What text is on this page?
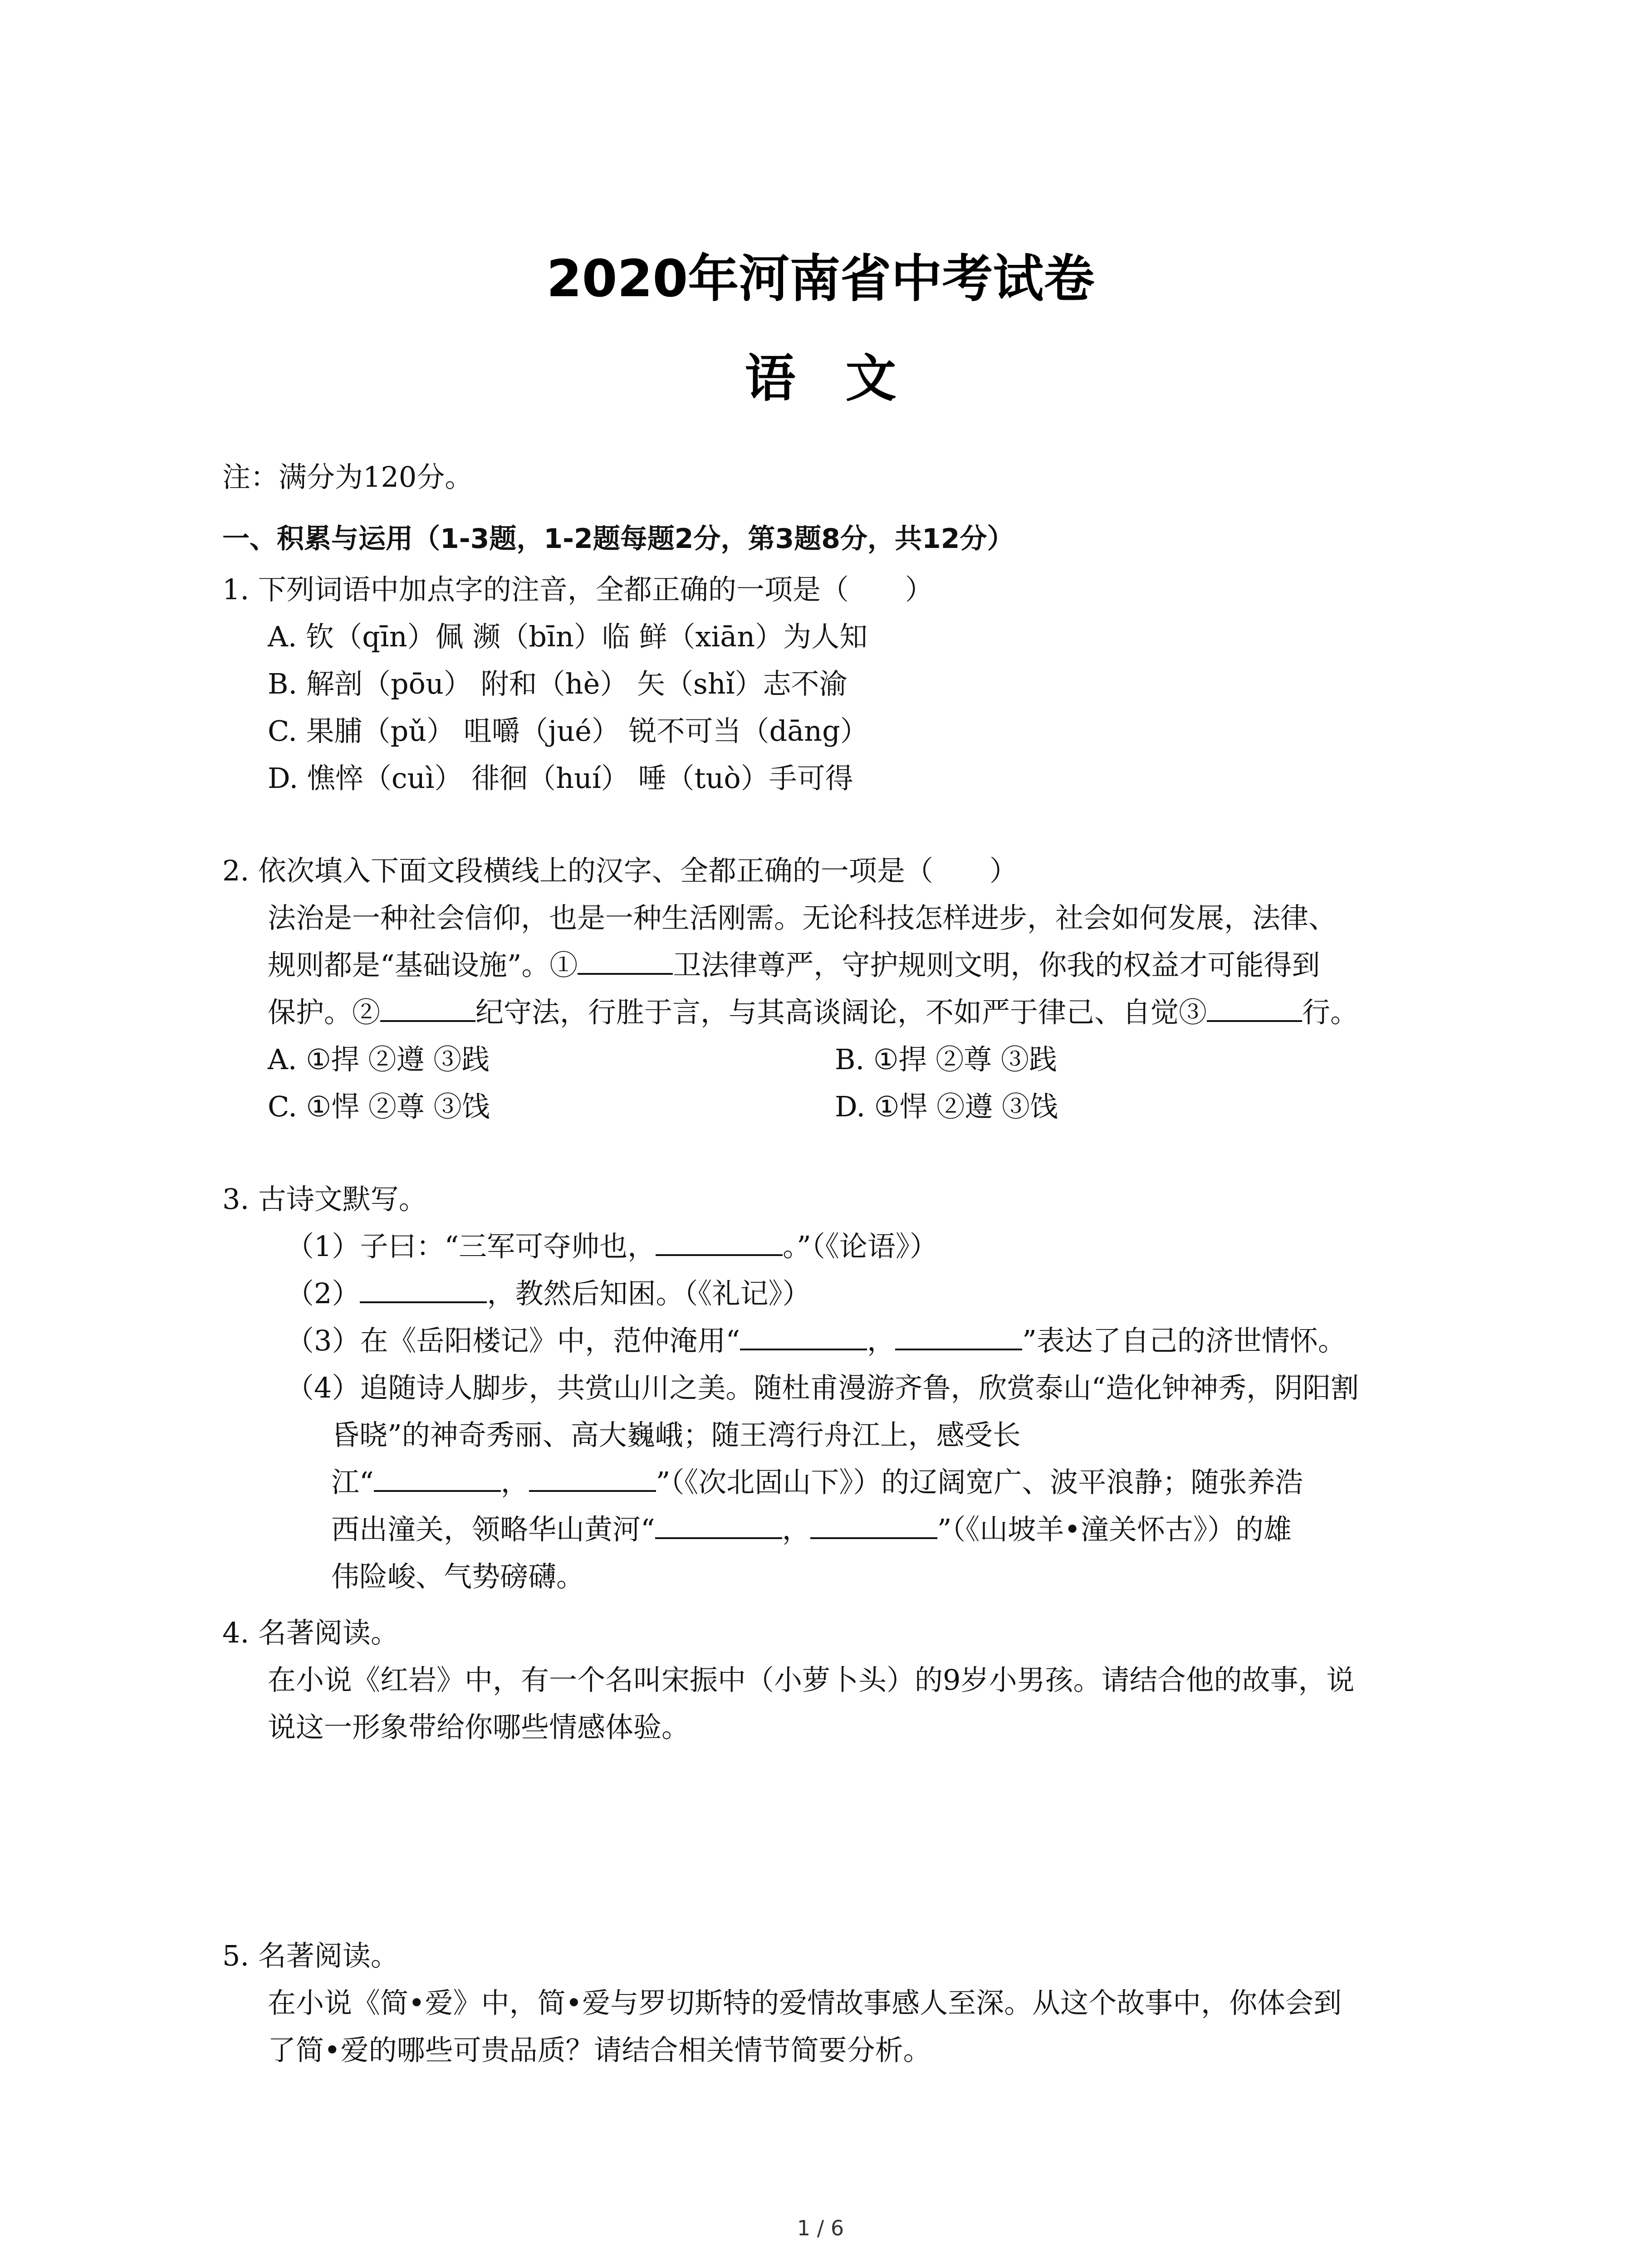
2020年河南省中考试卷
语文
注：满分为120分。
一、积累与运用（1-3题，1-2题每题2分，第3题8分，共12分）
1. 下列词语中加点字的注音，全都正确的一项是（　　）
A. 钦（qīn）佩 濒（bīn）临 鲜（xiān）为人知
B. 解剖（pōu） 附和（hè） 矢（shǐ）志不渝
C. 果脯（pǔ） 咀嚼（jué） 锐不可当（dāng）
D. 憔悴（cuì） 徘徊（huí） 唾（tuò）手可得
2. 依次填入下面文段横线上的汉字、全都正确的一项是（　　）
法治是一种社会信仰，也是一种生活刚需。无论科技怎样进步，社会如何发展，法律、
规则都是“基础设施”。①	卫法律尊严，守护规则文明，你我的权益才可能得到
保护。②	纪守法，行胜于言，与其高谈阔论，不如严于律己、自觉③	行。
A. ①捍 ②遵 ③践	B. ①捍 ②尊 ③践
C. ①悍 ②尊 ③饯	D. ①悍 ②遵 ③饯
3. 古诗文默写。
（1）子曰：“三军可夺帅也，	。”（《论语》）
（2）	，教然后知困。（《礼记》）
（3）在《岳阳楼记》中，范仲淹用“	，	”表达了自己的济世情怀。
（4）追随诗人脚步，共赏山川之美。随杜甫漫游齐鲁，欣赏泰山“造化钟神秀，阴阳割
昏晓”的神奇秀丽、高大巍峨；随王湾行舟江上，感受长
江“	，	”（《次北固山下》）的辽阔宽广、波平浪静；随张养浩
西出潼关，领略华山黄河“	，	”（《山坡羊•潼关怀古》）的雄
伟险峻、气势磅礴。
4. 名著阅读。
在小说《红岩》中，有一个名叫宋振中（小萝卜头）的9岁小男孩。请结合他的故事，说
说这一形象带给你哪些情感体验。
5. 名著阅读。
在小说《简•爱》中，简•爱与罗切斯特的爱情故事感人至深。从这个故事中，你体会到
了简•爱的哪些可贵品质？请结合相关情节简要分析。
1 / 6
